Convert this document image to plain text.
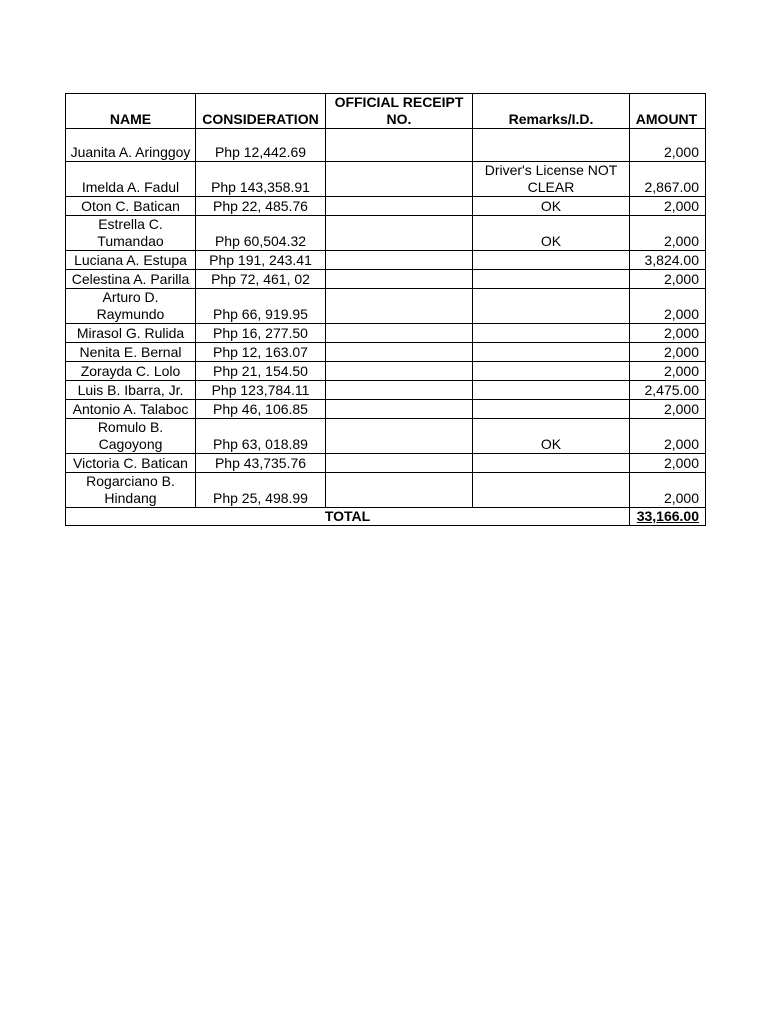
NAME	CONSIDERATION	OFFICIAL RECEIPT NO.	Remarks/I.D.	AMOUNT
Juanita A. Aringgoy	Php 12,442.69			2,000
Imelda A. Fadul	Php 143,358.91		Driver's License NOT CLEAR	2,867.00
Oton C. Batican	Php 22, 485.76		OK	2,000
Estrella C. Tumandao	Php 60,504.32		OK	2,000
Luciana A. Estupa	Php 191, 243.41			3,824.00
Celestina A. Parilla	Php 72, 461, 02			2,000
Arturo D. Raymundo	Php 66, 919.95			2,000
Mirasol G. Rulida	Php 16, 277.50			2,000
Nenita E. Bernal	Php 12, 163.07			2,000
Zorayda C. Lolo	Php 21, 154.50			2,000
Luis B. Ibarra, Jr.	Php 123,784.11			2,475.00
Antonio A. Talaboc	Php 46, 106.85			2,000
Romulo B. Cagoyong	Php 63, 018.89		OK	2,000
Victoria C. Batican	Php 43,735.76			2,000
Rogarciano B. Hindang	Php 25, 498.99			2,000
TOTAL				33,166.00
